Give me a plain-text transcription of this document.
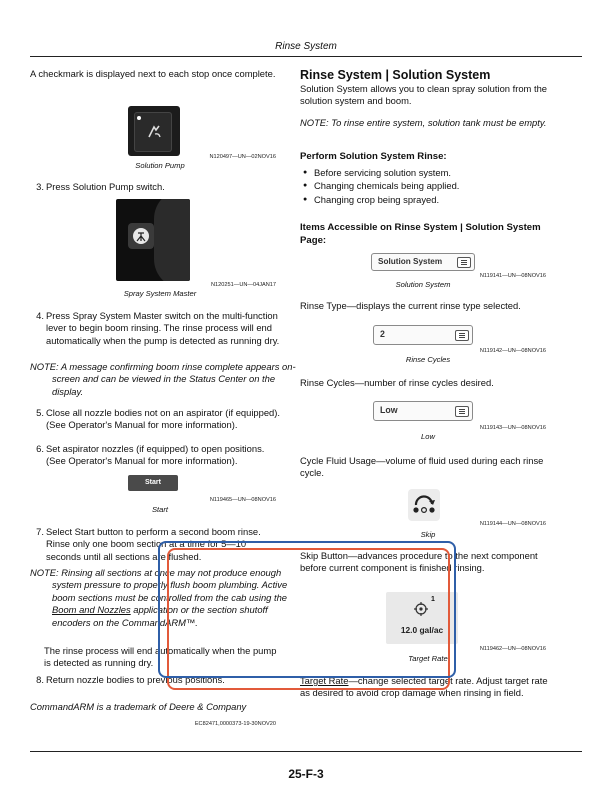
Rinse System

A checkmark is displayed next to each stop once complete.

N120497—UN—02NOV16
Solution Pump
3. Press Solution Pump switch.
N120251—UN—04JAN17
Spray System Master
4. Press Spray System Master switch on the multi-function lever to begin boom rinsing. The rinse process will end automatically when the pump is detected as running dry.

NOTE: A message confirming boom rinse complete appears on-screen and can be viewed in the Status Center on the display.

5. Close all nozzle bodies not on an aspirator (if equipped). (See Operator's Manual for more information).
6. Set aspirator nozzles (if equipped) to open positions. (See Operator's Manual for more information).
Start
N119465—UN—08NOV16
Start
7. Select Start button to perform a second boom rinse. Rinse only one boom section at a time for 5—10 seconds until all sections are flushed.

NOTE: Rinsing all sections at once may not produce enough system pressure to properly flush boom plumbing. Active boom sections must be controlled from the cab using the Boom and Nozzles application or the section shutoff encoders on the CommandARM™.

The rinse process will end automatically when the pump is detected as running dry.

8. Return nozzle bodies to previous positions.

CommandARM is a trademark of Deere & Company

EC82471,0000373-19-30NOV20
Rinse System | Solution System

Solution System allows you to clean spray solution from the solution system and boom.

NOTE: To rinse entire system, solution tank must be empty.

Perform Solution System Rinse:
● Before servicing solution system.
● Changing chemicals being applied.
● Changing crop being sprayed.
Items Accessible on Rinse System | Solution System Page:
Solution System
N119141—UN—08NOV16
Solution System

Rinse Type—displays the current rinse type selected.

2
N119142—UN—08NOV16
Rinse Cycles

Rinse Cycles—number of rinse cycles desired.

Low
N119143—UN—08NOV16
Low

Cycle Fluid Usage—volume of fluid used during each rinse cycle.

N119144—UN—08NOV16
Skip

Skip Button—advances procedure to the next component before current component is finished rinsing.

1
12.0 gal/ac
N119462—UN—08NOV16
Target Rate

Target Rate—change selected target rate. Adjust target rate as desired to avoid crop damage when rinsing in field.

25-F-3
